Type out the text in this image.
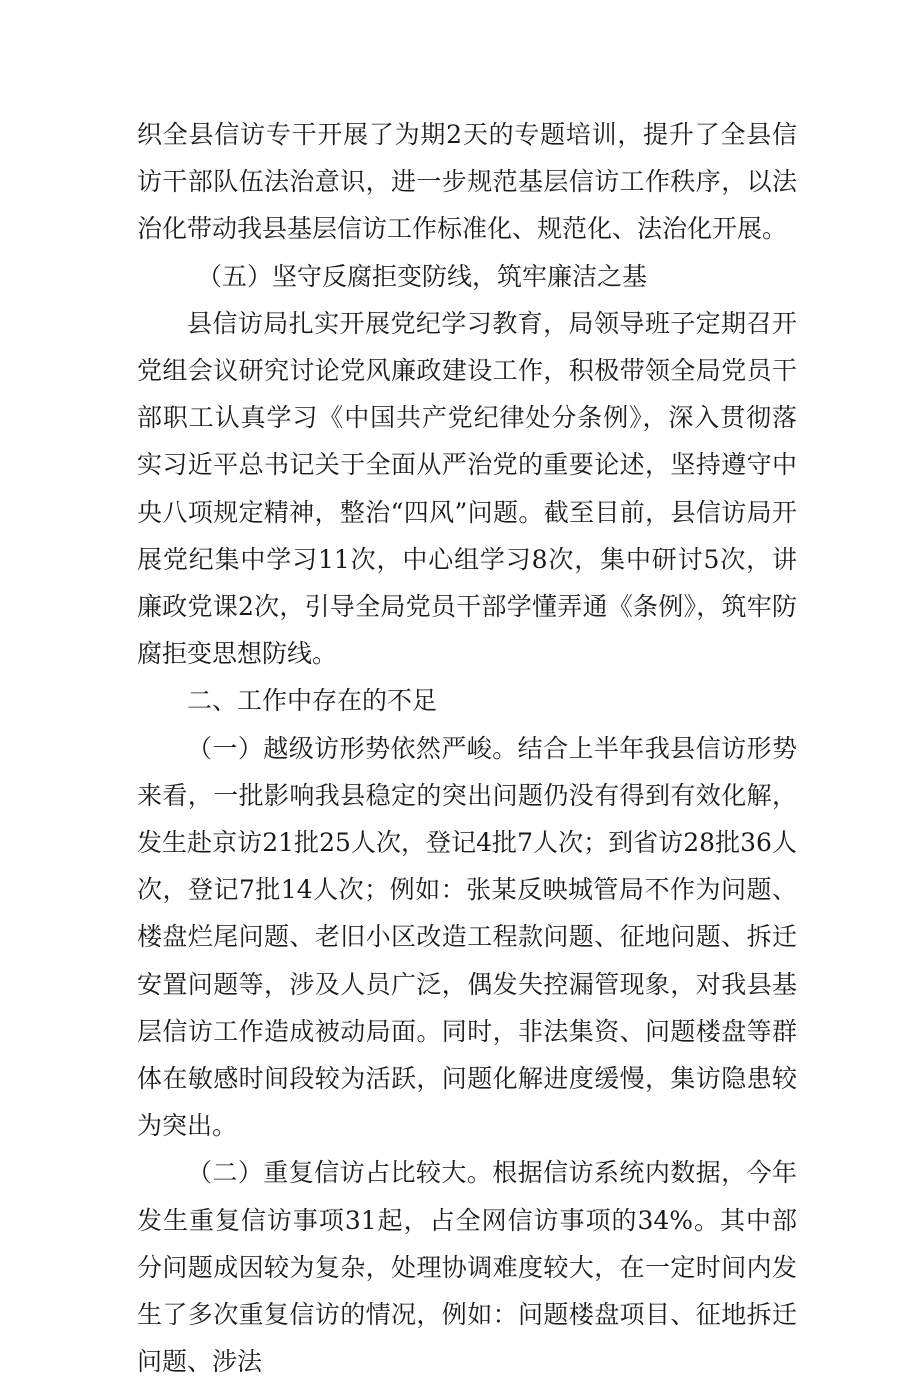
织全县信访专干开展了为期2天的专题培训，提升了全县信访干部队伍法治意识，进一步规范基层信访工作秩序，以法治化带动我县基层信访工作标准化、规范化、法治化开展。

（五）坚守反腐拒变防线，筑牢廉洁之基

县信访局扎实开展党纪学习教育，局领导班子定期召开党组会议研究讨论党风廉政建设工作，积极带领全局党员干部职工认真学习《中国共产党纪律处分条例》，深入贯彻落实习近平总书记关于全面从严治党的重要论述，坚持遵守中央八项规定精神，整治“四风”问题。截至目前，县信访局开展党纪集中学习11次，中心组学习8次，集中研讨5次，讲廉政党课2次，引导全局党员干部学懂弄通《条例》，筑牢防腐拒变思想防线。

二、工作中存在的不足

（一）越级访形势依然严峻。结合上半年我县信访形势来看，一批影响我县稳定的突出问题仍没有得到有效化解，发生赴京访21批25人次，登记4批7人次；到省访28批36人次，登记7批14人次；例如：张某反映城管局不作为问题、楼盘烂尾问题、老旧小区改造工程款问题、征地问题、拆迁安置问题等，涉及人员广泛，偶发失控漏管现象，对我县基层信访工作造成被动局面。同时，非法集资、问题楼盘等群体在敏感时间段较为活跃，问题化解进度缓慢，集访隐患较为突出。

（二）重复信访占比较大。根据信访系统内数据，今年发生重复信访事项31起，占全网信访事项的34%。其中部分问题成因较为复杂，处理协调难度较大，在一定时间内发生了多次重复信访的情况，例如：问题楼盘项目、征地拆迁问题、涉法
